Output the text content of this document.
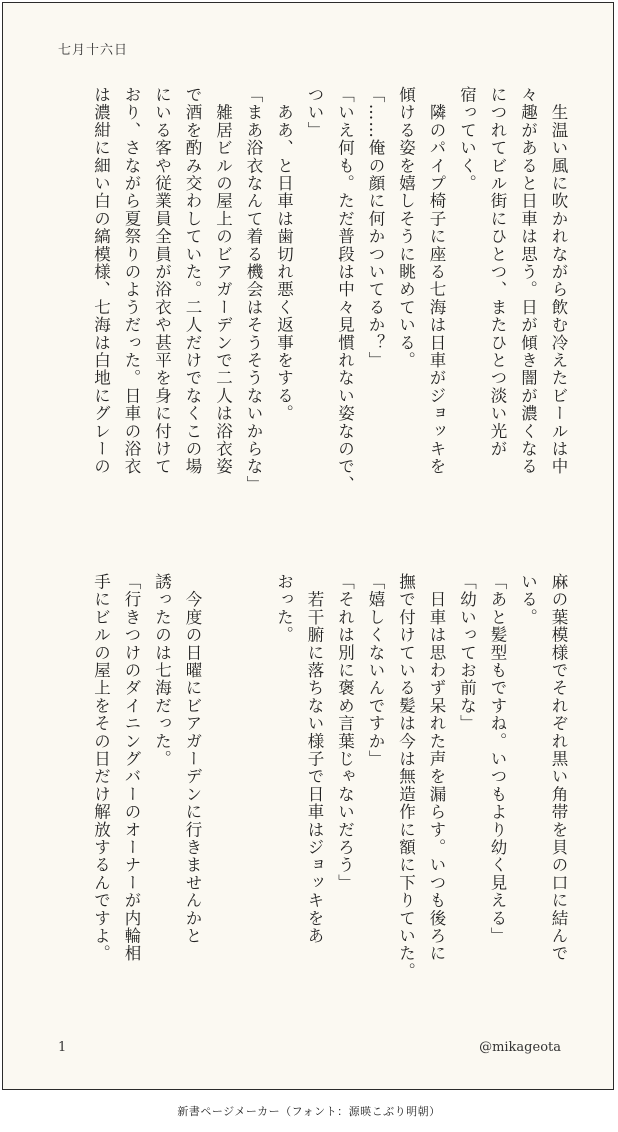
七月十六日

　生温い風に吹かれながら飲む冷えたビールは中

々趣があると日車は思う。日が傾き闇が濃くなる

につれてビル街にひとつ、またひとつ淡い光が

宿っていく。

　隣のパイプ椅子に座る七海は日車がジョッキを

傾ける姿を嬉しそうに眺めている。

「……俺の顔に何かついてるか？」

「いえ何も。ただ普段は中々見慣れない姿なので、

つい」

　ああ、と日車は歯切れ悪く返事をする。

「まあ浴衣なんて着る機会はそうそうないからな」

　雑居ビルの屋上のビアガーデンで二人は浴衣姿

で酒を酌み交わしていた。二人だけでなくこの場

にいる客や従業員全員が浴衣や甚平を身に付けて

おり、さながら夏祭りのようだった。日車の浴衣

は濃紺に細い白の縞模様、七海は白地にグレーの

麻の葉模様でそれぞれ黒い角帯を貝の口に結んで

いる。

「あと髪型もですね。いつもより幼く見える」

「幼いってお前な」

　日車は思わず呆れた声を漏らす。いつも後ろに

撫で付けている髪は今は無造作に額に下りていた。

「嬉しくないんですか」

「それは別に褒め言葉じゃないだろう」

　若干腑に落ちない様子で日車はジョッキをあ

おった。

　今度の日曜にビアガーデンに行きませんかと

誘ったのは七海だった。

「行きつけのダイニングバーのオーナーが内輪相

手にビルの屋上をその日だけ解放するんですよ。

1	@mikageota
新書ページメーカー（フォント：源暎こぶり明朝）
